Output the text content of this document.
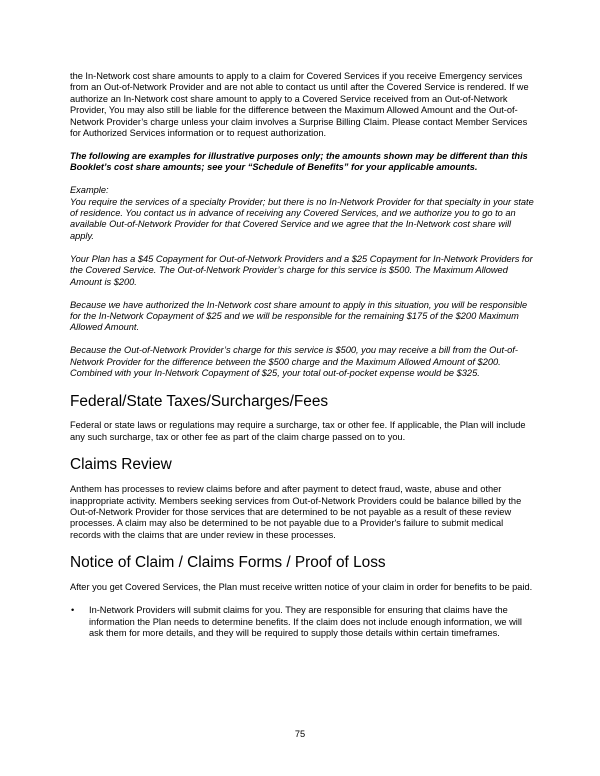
the In-Network cost share amounts to apply to a claim for Covered Services if you receive Emergency services from an Out-of-Network Provider and are not able to contact us until after the Covered Service is rendered. If we authorize an In-Network cost share amount to apply to a Covered Service received from an Out-of-Network Provider, You may also still be liable for the difference between the Maximum Allowed Amount and the Out-of-Network Provider’s charge unless your claim involves a Surprise Billing Claim. Please contact Member Services for Authorized Services information or to request authorization.

The following are examples for illustrative purposes only; the amounts shown may be different than this Booklet’s cost share amounts; see your “Schedule of Benefits” for your applicable amounts.

Example:

You require the services of a specialty Provider; but there is no In-Network Provider for that specialty in your state of residence. You contact us in advance of receiving any Covered Services, and we authorize you to go to an available Out-of-Network Provider for that Covered Service and we agree that the In-Network cost share will apply.

Your Plan has a $45 Copayment for Out-of-Network Providers and a $25 Copayment for In-Network Providers for the Covered Service. The Out-of-Network Provider’s charge for this service is $500. The Maximum Allowed Amount is $200.

Because we have authorized the In-Network cost share amount to apply in this situation, you will be responsible for the In-Network Copayment of $25 and we will be responsible for the remaining $175 of the $200 Maximum Allowed Amount.

Because the Out-of-Network Provider’s charge for this service is $500, you may receive a bill from the Out-of-Network Provider for the difference between the $500 charge and the Maximum Allowed Amount of $200. Combined with your In-Network Copayment of $25, your total out-of-pocket expense would be $325.

Federal/State Taxes/Surcharges/Fees

Federal or state laws or regulations may require a surcharge, tax or other fee. If applicable, the Plan will include any such surcharge, tax or other fee as part of the claim charge passed on to you.

Claims Review

Anthem has processes to review claims before and after payment to detect fraud, waste, abuse and other inappropriate activity. Members seeking services from Out-of-Network Providers could be balance billed by the Out-of-Network Provider for those services that are determined to be not payable as a result of these review processes. A claim may also be determined to be not payable due to a Provider's failure to submit medical records with the claims that are under review in these processes.

Notice of Claim / Claims Forms / Proof of Loss

After you get Covered Services, the Plan must receive written notice of your claim in order for benefits to be paid.

•	In-Network Providers will submit claims for you. They are responsible for ensuring that claims have the information the Plan needs to determine benefits. If the claim does not include enough information, we will ask them for more details, and they will be required to supply those details within certain timeframes.

75
